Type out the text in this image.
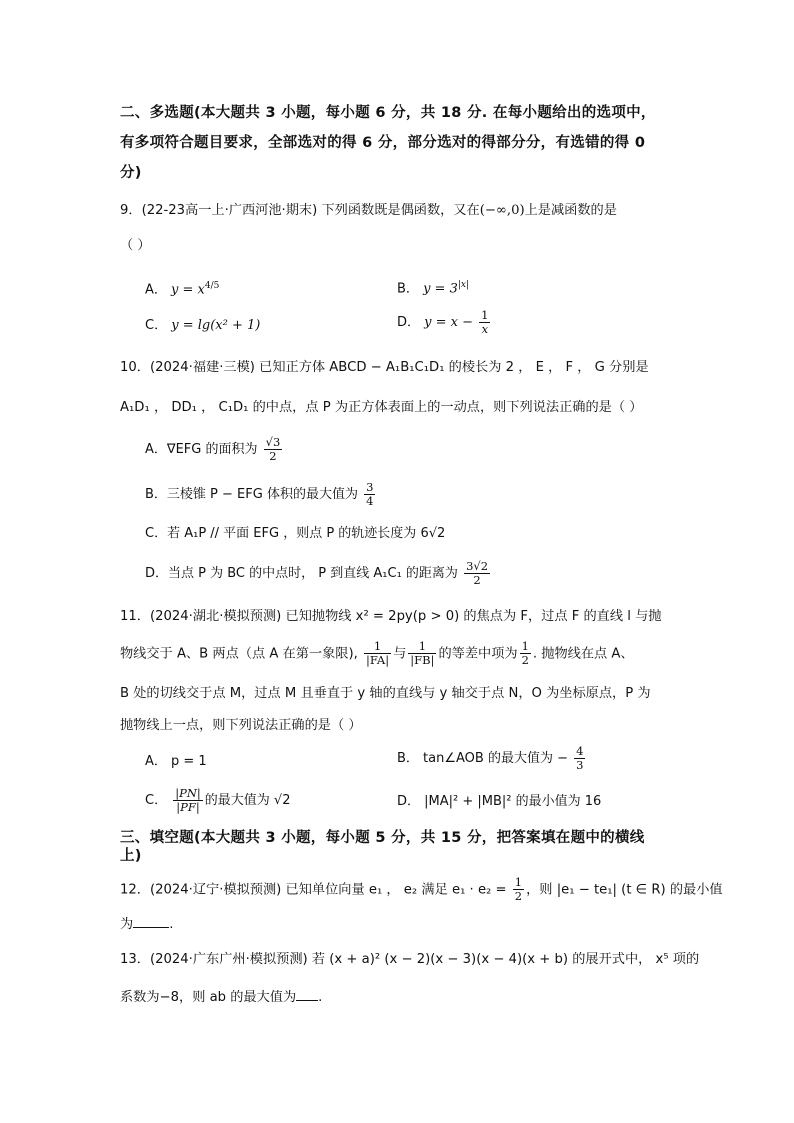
二、多选题(本大题共 3 小题，每小题 6 分，共 18 分. 在每小题给出的选项中，
有多项符合题目要求，全部选对的得 6 分，部分选对的得部分分，有选错的得 0
分)
9．(22-23高一上·广西河池·期末) 下列函数既是偶函数，又在(−∞,0)上是减函数的是
（ ）
A． $y = x^{4/5}$	B． $y = 3^{|x|}$
C． y = lg(x² + 1)	D． $y = x - \frac{1}{x}$
10．(2024·福建·三模) 已知正方体 ABCD − A₁B₁C₁D₁ 的棱长为 2 ， E ， F ， G 分别是
A₁D₁ ， DD₁ ， C₁D₁ 的中点，点 P 为正方体表面上的一动点，则下列说法正确的是（ ）
A．∇EFG 的面积为 $\frac{√3}{2}$
B．三棱锥 P − EFG 体积的最大值为 $\frac{3}{4}$
C．若 A₁P // 平面 EFG ，则点 P 的轨迹长度为 6√2
D．当点 P 为 BC 的中点时， P 到直线 A₁C₁ 的距离为 $\frac{3√2}{2}$
11．(2024·湖北·模拟预测) 已知抛物线 x² = 2py(p > 0) 的焦点为 F，过点 F 的直线 l 与抛
物线交于 A、B 两点（点 A 在第一象限), $\frac{1}{|FA|}$ 与 $\frac{1}{|FB|}$ 的等差中项为 $\frac{1}{2}$ . 抛物线在点 A、
B 处的切线交于点 M，过点 M 且垂直于 y 轴的直线与 y 轴交于点 N，O 为坐标原点，P 为
抛物线上一点，则下列说法正确的是（ ）
A． p = 1	B． tan∠AOB 的最大值为 − $\frac{4}{3}$
C． $\frac{|PN|}{|PF|}$ 的最大值为 √2	D． |MA|² + |MB|² 的最小值为 16
三、填空题(本大题共 3 小题，每小题 5 分，共 15 分，把答案填在题中的横线
上)
12．(2024·辽宁·模拟预测) 已知单位向量 e₁ ， e₂ 满足 $e_1 \cdot e_2 = \frac{1}{2}$ ，则 |e₁ − te₁| (t ∈ R) 的最小值
为	.
13．(2024·广东广州·模拟预测) 若 (x + a)² (x − 2)(x − 3)(x − 4)(x + b) 的展开式中， x⁵ 项的
系数为−8，则 ab 的最大值为 .
